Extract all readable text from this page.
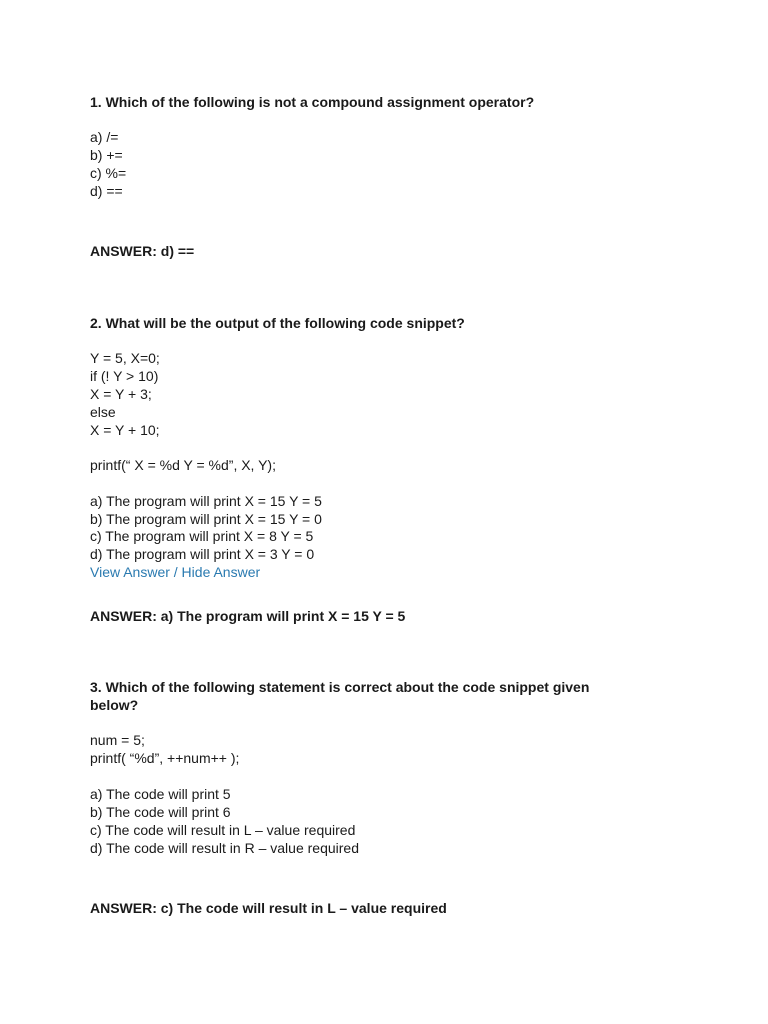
1. Which of the following is not a compound assignment operator?
a) /=
b) +=
c) %=
d) ==
ANSWER: d) ==
2. What will be the output of the following code snippet?
Y = 5, X=0;
if (! Y > 10)
X = Y + 3;
else
X = Y + 10;
printf(“ X = %d Y = %d”, X, Y);
a) The program will print X = 15 Y = 5
b) The program will print X = 15 Y = 0
c) The program will print X = 8 Y = 5
d) The program will print X = 3 Y = 0
View Answer / Hide Answer
ANSWER: a) The program will print X = 15 Y = 5
3. Which of the following statement is correct about the code snippet given
below?
num = 5;
printf( “%d”, ++num++ );
a) The code will print 5
b) The code will print 6
c) The code will result in L – value required
d) The code will result in R – value required
ANSWER: c) The code will result in L – value required
